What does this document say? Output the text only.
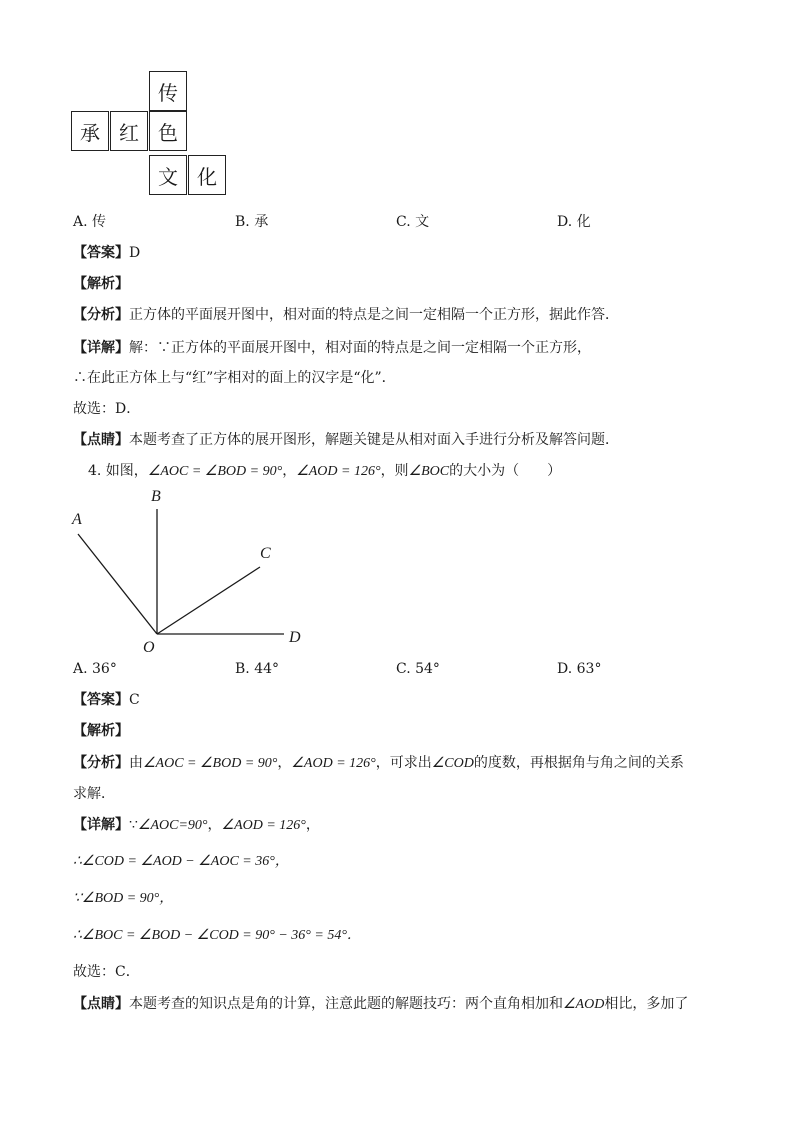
传
承 红 色
文 化
A. 传	B. 承	C. 文	D. 化
【答案】D
【解析】
【分析】正方体的平面展开图中，相对面的特点是之间一定相隔一个正方形，据此作答．
【详解】解：∵正方体的平面展开图中，相对面的特点是之间一定相隔一个正方形，
∴在此正方体上与“红”字相对的面上的汉字是“化”．
故选：D．
【点睛】本题考查了正方体的展开图形，解题关键是从相对面入手进行分析及解答问题．
4. 如图，∠AOC = ∠BOD = 90°，∠AOD = 126°，则∠BOC的大小为（　　）
A
B
C
D
O
A. 36°	B. 44°	C. 54°	D. 63°
【答案】C
【解析】
【分析】由∠AOC = ∠BOD = 90°，∠AOD = 126°，可求出∠COD的度数，再根据角与角之间的关系
求解．
【详解】∵∠AOC=90°，∠AOD = 126°，
∴∠COD = ∠AOD − ∠AOC = 36°，
∵∠BOD = 90°，
∴∠BOC = ∠BOD − ∠COD = 90° − 36° = 54°．
故选：C．
【点睛】本题考查的知识点是角的计算，注意此题的解题技巧：两个直角相加和∠AOD相比，多加了
